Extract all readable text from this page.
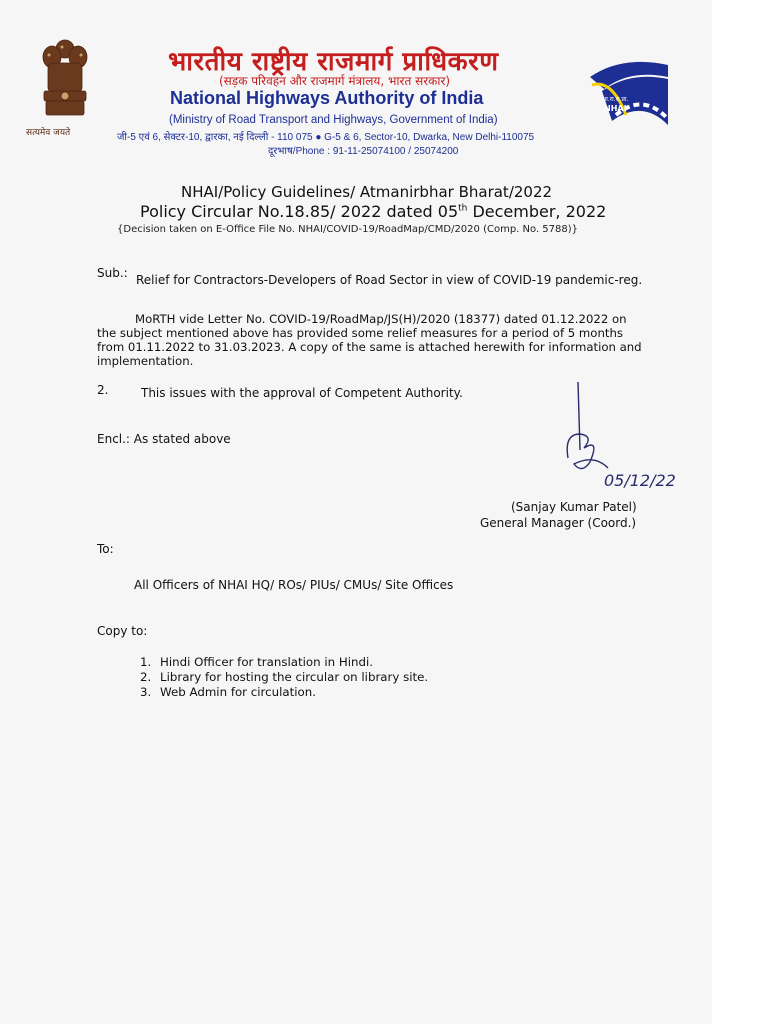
सत्यमेव जयते
भारतीय राष्ट्रीय राजमार्ग प्राधिकरण
(सड़क परिवहन और राजमार्ग मंत्रालय, भारत सरकार)
National Highways Authority of India
(Ministry of Road Transport and Highways, Government of India)
जी-5 एवं 6, सेक्टर-10, द्वारका, नई दिल्ली - 110 075 ● G-5 & 6, Sector-10, Dwarka, New Delhi-110075
दूरभाष/Phone : 91-11-25074100 / 25074200
भा.रा.रा.प्रा.
NHAI
NHAI/Policy Guidelines/ Atmanirbhar Bharat/2022
Policy Circular No.18.85/ 2022 dated 05th December, 2022
{Decision taken on E-Office File No. NHAI/COVID-19/RoadMap/CMD/2020 (Comp. No. 5788)}
Sub.: Relief for Contractors-Developers of Road Sector in view of COVID-19 pandemic-reg.
MoRTH vide Letter No. COVID-19/RoadMap/JS(H)/2020 (18377) dated 01.12.2022 on the subject mentioned above has provided some relief measures for a period of 5 months from 01.11.2022 to 31.03.2023. A copy of the same is attached herewith for information and implementation.
2.	This issues with the approval of Competent Authority.
Encl.: As stated above
05/12/22
(Sanjay Kumar Patel)
General Manager (Coord.)
To:
All Officers of NHAI HQ/ ROs/ PIUs/ CMUs/ Site Offices
Copy to:
1. Hindi Officer for translation in Hindi.
2. Library for hosting the circular on library site.
3. Web Admin for circulation.
